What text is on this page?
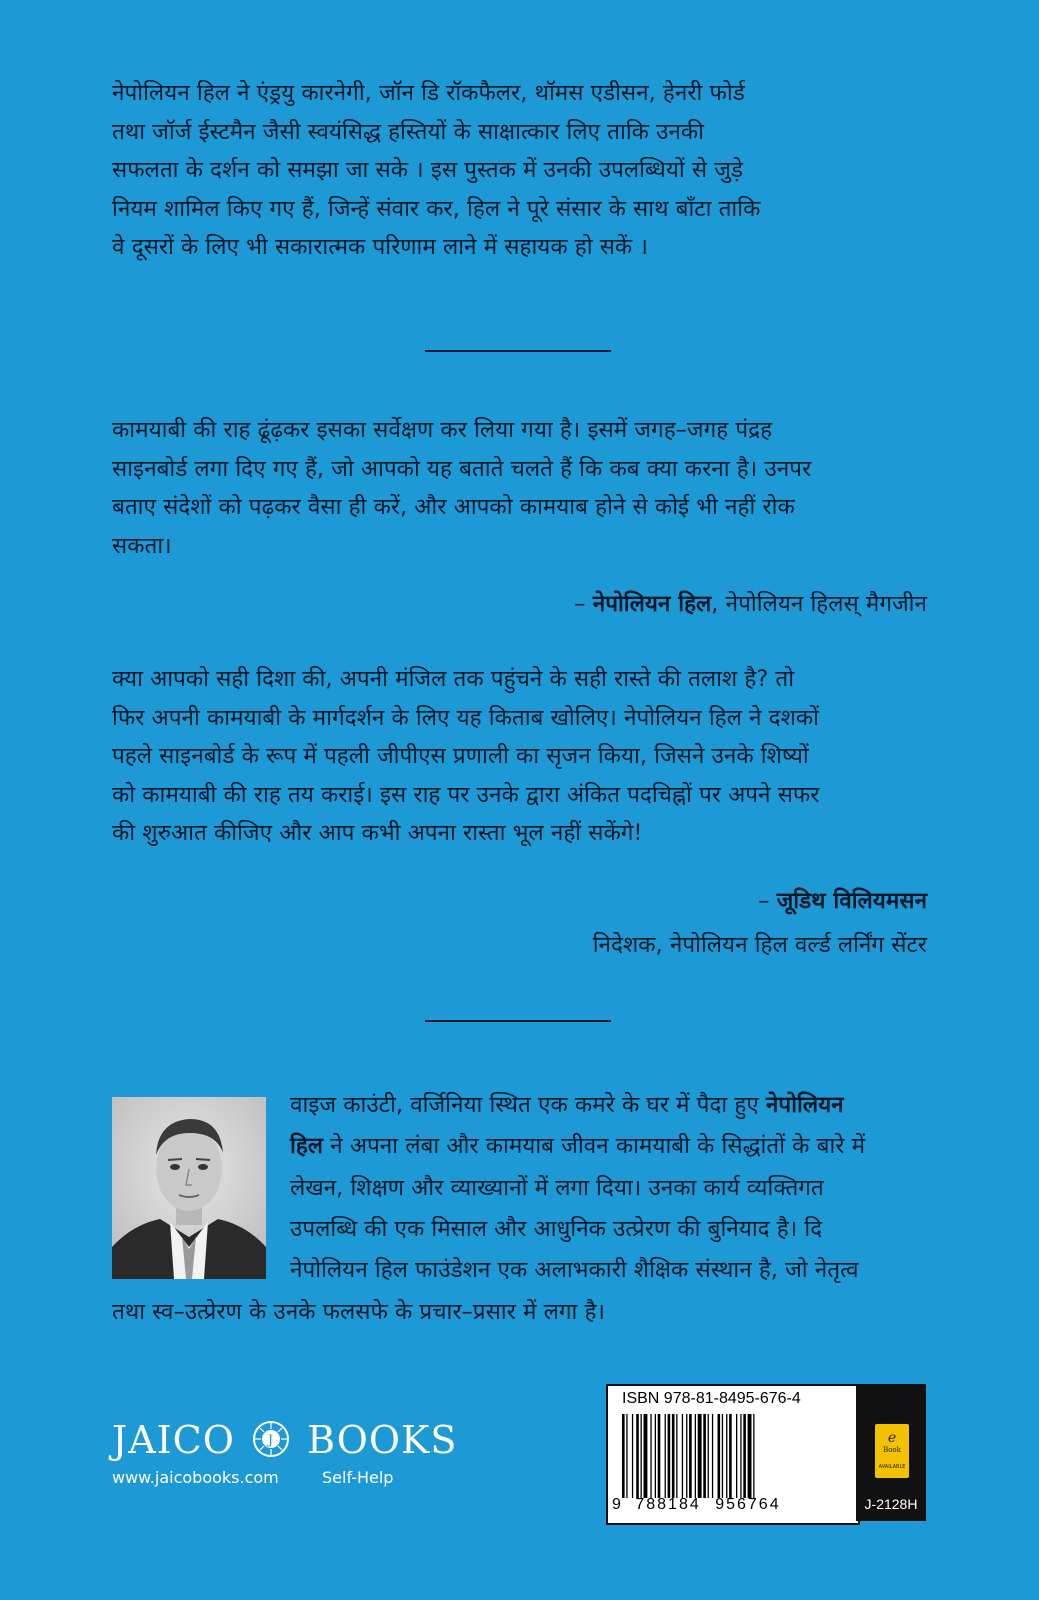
नेपोलियन हिल ने एंड्रयु कारनेगी, जॉन डि रॉकफैलर, थॉमस एडीसन, हेनरी फोर्ड
तथा जॉर्ज ईस्टमैन जैसी स्वयंसिद्ध हस्तियों के साक्षात्कार लिए ताकि उनकी
सफलता के दर्शन को समझा जा सके । इस पुस्तक में उनकी उपलब्धियों से जुड़े
नियम शामिल किए गए हैं, जिन्हें संवार कर, हिल ने पूरे संसार के साथ बाँटा ताकि
वे दूसरों के लिए भी सकारात्मक परिणाम लाने में सहायक हो सकें ।
कामयाबी की राह ढूंढ़कर इसका सर्वेक्षण कर लिया गया है। इसमें जगह–जगह पंद्रह
साइनबोर्ड लगा दिए गए हैं, जो आपको यह बताते चलते हैं कि कब क्या करना है। उनपर
बताए संदेशों को पढ़कर वैसा ही करें, और आपको कामयाब होने से कोई भी नहीं रोक
सकता।
– नेपोलियन हिल, नेपोलियन हिलस् मैगजीन
क्या आपको सही दिशा की, अपनी मंजिल तक पहुंचने के सही रास्ते की तलाश है? तो
फिर अपनी कामयाबी के मार्गदर्शन के लिए यह किताब खोलिए। नेपोलियन हिल ने दशकों
पहले साइनबोर्ड के रूप में पहली जीपीएस प्रणाली का सृजन किया, जिसने उनके शिष्यों
को कामयाबी की राह तय कराई। इस राह पर उनके द्वारा अंकित पदचिह्नों पर अपने सफर
की शुरुआत कीजिए और आप कभी अपना रास्ता भूल नहीं सकेंगे!
– जूडिथ विलियमसन
निदेशक, नेपोलियन हिल वर्ल्ड लर्निंग सेंटर
वाइज काउंटी, वर्जिनिया स्थित एक कमरे के घर में पैदा हुए नेपोलियन
हिल ने अपना लंबा और कामयाब जीवन कामयाबी के सिद्धांतों के बारे में
लेखन, शिक्षण और व्याख्यानों में लगा दिया। उनका कार्य व्यक्तिगत
उपलब्धि की एक मिसाल और आधुनिक उत्प्रेरण की बुनियाद है। दि
नेपोलियन हिल फाउंडेशन एक अलाभकारी शैक्षिक संस्थान है, जो नेतृत्व
तथा स्व–उत्प्रेरण के उनके फलसफे के प्रचार–प्रसार में लगा है।
JAICO	J BOOKS
www.jaicobooks.com	Self-Help
ISBN 978-81-8495-676-4
9 788184 956764
e
Book
AVAILABLE
J-2128H
